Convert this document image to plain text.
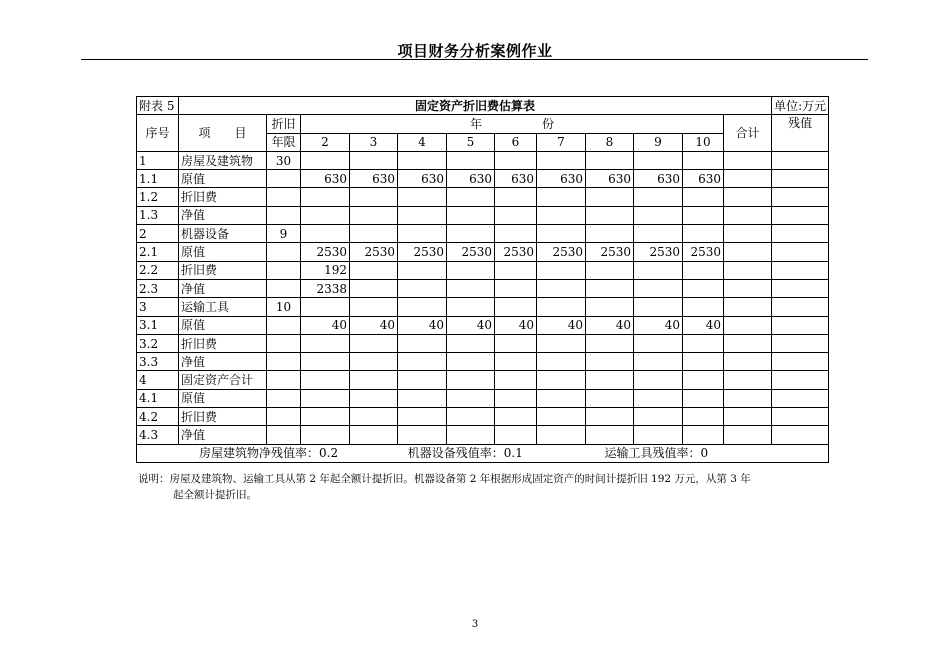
项目财务分析案例作业
附表 5	固定资产折旧费估算表												单位:万元
序号	项　　目	折旧	年　　　　　份									合计	残值
		年限	2	3	4	5	6	7	8	9	10		
1	房屋及建筑物	30											
1.1	原值		630	630	630	630	630	630	630	630	630		
1.2	折旧费												
1.3	净值												
2	机器设备	9											
2.1	原值		2530	2530	2530	2530	2530	2530	2530	2530	2530		
2.2	折旧费		192										
2.3	净值		2338										
3	运输工具	10											
3.1	原值		40	40	40	40	40	40	40	40	40		
3.2	折旧费												
3.3	净值												
4	固定资产合计												
4.1	原值												
4.2	折旧费												
4.3	净值												
房屋建筑物净残值率：0.2 机器设备残值率：0.1 运输工具残值率：0													
说明：房屋及建筑物、运输工具从第 2 年起全额计提折旧。机器设备第 2 年根据形成固定资产的时间计提折旧 192 万元，从第 3 年
起全额计提折旧。
3
